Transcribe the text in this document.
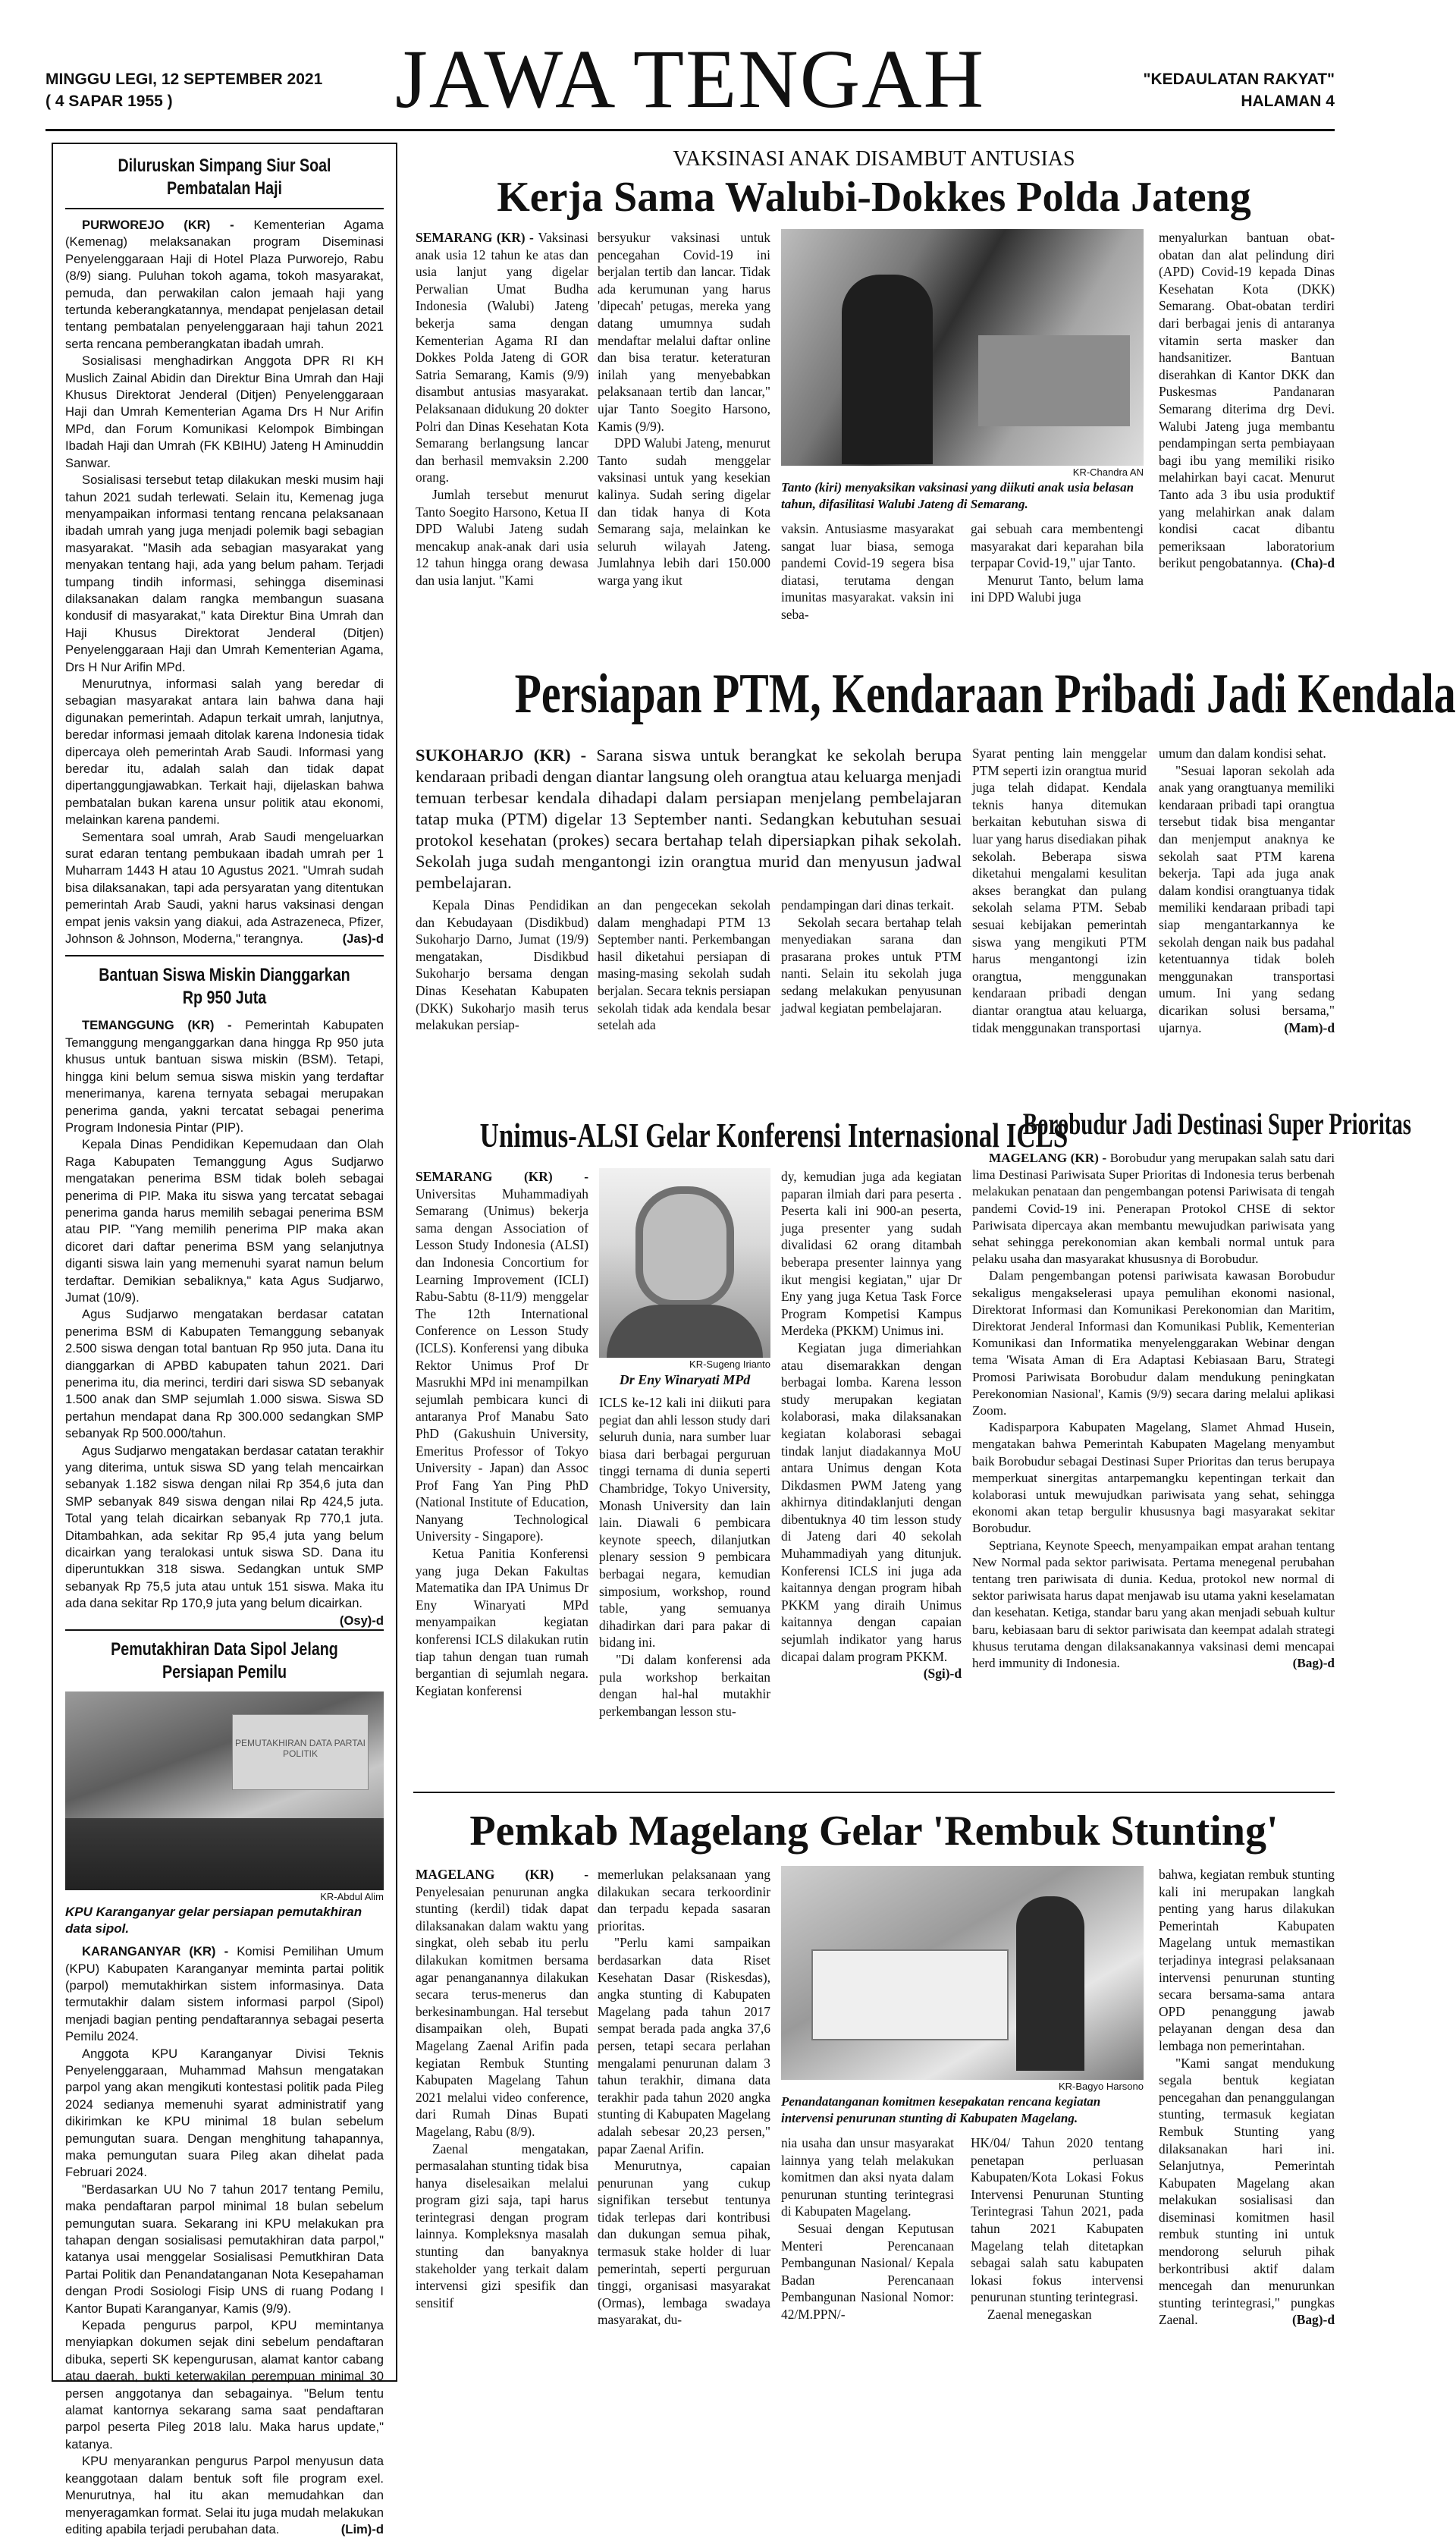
MINGGU LEGI, 12 SEPTEMBER 2021
( 4 SAPAR 1955 )	JAWA TENGAH	"KEDAULATAN RAKYAT"
HALAMAN 4
Diluruskan Simpang Siur Soal Pembatalan Haji

PURWOREJO (KR) - Kementerian Agama (Kemenag) melaksanakan program Diseminasi Penyelenggaraan Haji di Hotel Plaza Purworejo, Rabu (8/9) siang. Puluhan tokoh agama, tokoh masyarakat, pemuda, dan perwakilan calon jemaah haji yang tertunda keberangkatannya, mendapat penjelasan detail tentang pembatalan penyelenggaraan haji tahun 2021 serta rencana pemberangkatan ibadah umrah.

Sosialisasi menghadirkan Anggota DPR RI KH Muslich Zainal Abidin dan Direktur Bina Umrah dan Haji Khusus Direktorat Jenderal (Ditjen) Penyelenggaraan Haji dan Umrah Kementerian Agama Drs H Nur Arifin MPd, dan Forum Komunikasi Kelompok Bimbingan Ibadah Haji dan Umrah (FK KBIHU) Jateng H Aminuddin Sanwar.

Sosialisasi tersebut tetap dilakukan meski musim haji tahun 2021 sudah terlewati. Selain itu, Kemenag juga menyampaikan informasi tentang rencana pelaksanaan ibadah umrah yang juga menjadi polemik bagi sebagian masyarakat. "Masih ada sebagian masyarakat yang menyakan tentang haji, ada yang belum paham. Terjadi tumpang tindih informasi, sehingga diseminasi dilaksanakan dalam rangka membangun suasana kondusif di masyarakat," kata Direktur Bina Umrah dan Haji Khusus Direktorat Jenderal (Ditjen) Penyelenggaraan Haji dan Umrah Kementerian Agama, Drs H Nur Arifin MPd.

Menurutnya, informasi salah yang beredar di sebagian masyarakat antara lain bahwa dana haji digunakan pemerintah. Adapun terkait umrah, lanjutnya, beredar informasi jemaah ditolak karena Indonesia tidak dipercaya oleh pemerintah Arab Saudi. Informasi yang beredar itu, adalah salah dan tidak dapat dipertanggungjawabkan. Terkait haji, dijelaskan bahwa pembatalan bukan karena unsur politik atau ekonomi, melainkan karena pandemi.

Sementara soal umrah, Arab Saudi mengeluarkan surat edaran tentang pembukaan ibadah umrah per 1 Muharram 1443 H atau 10 Agustus 2021. "Umrah sudah bisa dilaksanakan, tapi ada persyaratan yang ditentukan pemerintah Arab Saudi, yakni harus vaksinasi dengan empat jenis vaksin yang diakui, ada Astrazeneca, Pfizer, Johnson & Johnson, Moderna," terangnya.	(Jas)-d

Bantuan Siswa Miskin Dianggarkan Rp 950 Juta

TEMANGGUNG (KR) - Pemerintah Kabupaten Temanggung menganggarkan dana hingga Rp 950 juta khusus untuk bantuan siswa miskin (BSM). Tetapi, hingga kini belum semua siswa miskin yang terdaftar menerimanya, karena ternyata sebagai merupakan penerima ganda, yakni tercatat sebagai penerima Program Indonesia Pintar (PIP).

Kepala Dinas Pendidikan Kepemudaan dan Olah Raga Kabupaten Temanggung Agus Sudjarwo mengatakan penerima BSM tidak boleh sebagai penerima di PIP. Maka itu siswa yang tercatat sebagai penerima ganda harus memilih sebagai penerima BSM atau PIP. "Yang memilih penerima PIP maka akan dicoret dari daftar penerima BSM yang selanjutnya diganti siswa lain yang memenuhi syarat namun belum terdaftar. Demikian sebaliknya," kata Agus Sudjarwo, Jumat (10/9).

Agus Sudjarwo mengatakan berdasar catatan penerima BSM di Kabupaten Temanggung sebanyak 2.500 siswa dengan total bantuan Rp 950 juta. Dana itu dianggarkan di APBD kabupaten tahun 2021. Dari penerima itu, dia merinci, terdiri dari siswa SD sebanyak 1.500 anak dan SMP sejumlah 1.000 siswa. Siswa SD pertahun mendapat dana Rp 300.000 sedangkan SMP sebanyak Rp 500.000/tahun.

Agus Sudjarwo mengatakan berdasar catatan terakhir yang diterima, untuk siswa SD yang telah mencairkan sebanyak 1.182 siswa dengan nilai Rp 354,6 juta dan SMP sebanyak 849 siswa dengan nilai Rp 424,5 juta. Total yang telah dicairkan sebanyak Rp 770,1 juta. Ditambahkan, ada sekitar Rp 95,4 juta yang belum dicairkan yang teralokasi untuk siswa SD. Dana itu diperuntukkan 318 siswa. Sedangkan untuk SMP sebanyak Rp 75,5 juta atau untuk 151 siswa. Maka itu ada dana sekitar Rp 170,9 juta yang belum dicairkan.
(Osy)-d

Pemutakhiran Data Sipol Jelang Persiapan Pemilu
PEMUTAKHIRAN DATA PARTAI POLITIK
KR-Abdul Alim
KPU Karanganyar gelar persiapan pemutakhiran data sipol.

KARANGANYAR (KR) - Komisi Pemilihan Umum (KPU) Kabupaten Karanganyar meminta partai politik (parpol) memutakhirkan sistem informasinya. Data termutakhir dalam sistem informasi parpol (Sipol) menjadi bagian penting pendaftarannya sebagai peserta Pemilu 2024.

Anggota KPU Karanganyar Divisi Teknis Penyelenggaraan, Muhammad Mahsun mengatakan parpol yang akan mengikuti kontestasi politik pada Pileg 2024 sedianya memenuhi syarat administratif yang dikirimkan ke KPU minimal 18 bulan sebelum pemungutan suara. Dengan menghitung tahapannya, maka pemungutan suara Pileg akan dihelat pada Februari 2024.

"Berdasarkan UU No 7 tahun 2017 tentang Pemilu, maka pendaftaran parpol minimal 18 bulan sebelum pemungutan suara. Sekarang ini KPU melakukan pra tahapan dengan sosialisasi pemutakhiran data parpol," katanya usai menggelar Sosialisasi Pemutkhiran Data Partai Politik dan Penandatanganan Nota Kesepahaman dengan Prodi Sosiologi Fisip UNS di ruang Podang I Kantor Bupati Karanganyar, Kamis (9/9).

Kepada pengurus parpol, KPU memintanya menyiapkan dokumen sejak dini sebelum pendaftaran dibuka, seperti SK kepengurusan, alamat kantor cabang atau daerah, bukti keterwakilan perempuan minimal 30 persen anggotanya dan sebagainya. "Belum tentu alamat kantornya sekarang sama saat pendaftaran parpol peserta Pileg 2018 lalu. Maka harus update," katanya.

KPU menyarankan pengurus Parpol menyusun data keanggotaan dalam bentuk soft file program exel. Menurutnya, hal itu akan memudahkan dan menyeragamkan format. Selai itu juga mudah melakukan editing apabila terjadi perubahan data.	(Lim)-d

VAKSINASI ANAK DISAMBUT ANTUSIAS
Kerja Sama Walubi-Dokkes Polda Jateng

SEMARANG (KR) - Vaksinasi anak usia 12 tahun ke atas dan usia lanjut yang digelar Perwalian Umat Budha Indonesia (Walubi) Jateng bekerja sama dengan Kementerian Agama RI dan Dokkes Polda Jateng di GOR Satria Semarang, Kamis (9/9) disambut antusias masyarakat. Pelaksanaan didukung 20 dokter Polri dan Dinas Kesehatan Kota Semarang berlangsung lancar dan berhasil memvaksin 2.200 orang.

Jumlah tersebut menurut Tanto Soegito Harsono, Ketua II DPD Walubi Jateng sudah mencakup anak-anak dari usia 12 tahun hingga orang dewasa dan usia lanjut. "Kami

bersyukur vaksinasi untuk pencegahan Covid-19 ini berjalan tertib dan lancar. Tidak ada kerumunan yang harus 'dipecah' petugas, mereka yang datang umumnya sudah mendaftar melalui daftar online dan bisa teratur. keteraturan inilah yang menyebabkan pelaksanaan tertib dan lancar," ujar Tanto Soegito Harsono, Kamis (9/9).

DPD Walubi Jateng, menurut Tanto sudah menggelar vaksinasi untuk yang kesekian kalinya. Sudah sering digelar dan tidak hanya di Kota Semarang saja, melainkan ke seluruh wilayah Jateng. Jumlahnya lebih dari 150.000 warga yang ikut

KR-Chandra AN
Tanto (kiri) menyaksikan vaksinasi yang diikuti anak usia belasan tahun, difasilitasi Walubi Jateng di Semarang.

vaksin. Antusiasme masyarakat sangat luar biasa, semoga pandemi Covid-19 segera bisa diatasi, terutama dengan imunitas masyarakat. vaksin ini seba-

gai sebuah cara membentengi masyarakat dari keparahan bila terpapar Covid-19," ujar Tanto.

Menurut Tanto, belum lama ini DPD Walubi juga

menyalurkan bantuan obat-obatan dan alat pelindung diri (APD) Covid-19 kepada Dinas Kesehatan Kota (DKK) Semarang. Obat-obatan terdiri dari berbagai jenis di antaranya vitamin serta masker dan handsanitizer. Bantuan diserahkan di Kantor DKK dan Puskesmas Pandanaran Semarang diterima drg Devi. Walubi Jateng juga membantu pendampingan serta pembiayaan bagi ibu yang memiliki risiko melahirkan bayi cacat. Menurut Tanto ada 3 ibu usia produktif yang melahirkan anak dalam kondisi cacat dibantu pemeriksaan laboratorium berikut pengobatannya. (Cha)-d

Persiapan PTM, Kendaraan Pribadi Jadi Kendala

SUKOHARJO (KR) - Sarana siswa untuk berangkat ke sekolah berupa kendaraan pribadi dengan diantar langsung oleh orangtua atau keluarga menjadi temuan terbesar kendala dihadapi dalam persiapan menjelang pembelajaran tatap muka (PTM) digelar 13 September nanti. Sedangkan kebutuhan sesuai protokol kesehatan (prokes) secara bertahap telah dipersiapkan pihak sekolah. Sekolah juga sudah mengantongi izin orangtua murid dan menyusun jadwal pembelajaran.

Kepala Dinas Pendidikan dan Kebudayaan (Disdikbud) Sukoharjo Darno, Jumat (19/9) mengatakan, Disdikbud Sukoharjo bersama dengan Dinas Kesehatan Kabupaten (DKK) Sukoharjo masih terus melakukan persiap-

an dan pengecekan sekolah dalam menghadapi PTM 13 September nanti. Perkembangan hasil diketahui persiapan di masing-masing sekolah sudah berjalan. Secara teknis persiapan sekolah tidak ada kendala besar setelah ada

pendampingan dari dinas terkait.

Sekolah secara bertahap telah menyediakan sarana dan prasarana prokes untuk PTM nanti. Selain itu sekolah juga sedang melakukan penyusunan jadwal kegiatan pembelajaran.

Syarat penting lain menggelar PTM seperti izin orangtua murid juga telah didapat. Kendala teknis hanya ditemukan berkaitan kebutuhan siswa di luar yang harus disediakan pihak sekolah. Beberapa siswa diketahui mengalami kesulitan akses berangkat dan pulang sekolah selama PTM. Sebab sesuai kebijakan pemerintah siswa yang mengikuti PTM harus mengantongi izin orangtua, menggunakan kendaraan pribadi dengan diantar orangtua atau keluarga, tidak menggunakan transportasi

umum dan dalam kondisi sehat.

"Sesuai laporan sekolah ada anak yang orangtuanya memiliki kendaraan pribadi tapi orangtua tersebut tidak bisa mengantar dan menjemput anaknya ke sekolah saat PTM karena bekerja. Tapi ada juga anak dalam kondisi orangtuanya tidak memiliki kendaraan pribadi tapi siap mengantarkannya ke sekolah dengan naik bus padahal ketentuannya tidak boleh menggunakan transportasi umum. Ini yang sedang dicarikan solusi bersama," ujarnya.	(Mam)-d

Unimus-ALSI Gelar Konferensi Internasional ICLS

SEMARANG (KR) - Universitas Muhammadiyah Semarang (Unimus) bekerja sama dengan Association of Lesson Study Indonesia (ALSI) dan Indonesia Concortium for Learning Improvement (ICLI) Rabu-Sabtu (8-11/9) menggelar The 12th International Conference on Lesson Study (ICLS). Konferensi yang dibuka Rektor Unimus Prof Dr Masrukhi MPd ini menampilkan sejumlah pembicara kunci di antaranya Prof Manabu Sato PhD (Gakushuin University, Emeritus Professor of Tokyo University - Japan) dan Assoc Prof Fang Yan Ping PhD (National Institute of Education, Nanyang Technological University - Singapore).

Ketua Panitia Konferensi yang juga Dekan Fakultas Matematika dan IPA Unimus Dr Eny Winaryati MPd menyampaikan kegiatan konferensi ICLS dilakukan rutin tiap tahun dengan tuan rumah bergantian di sejumlah negara. Kegiatan konferensi

KR-Sugeng Irianto
Dr Eny Winaryati MPd

ICLS ke-12 kali ini diikuti para pegiat dan ahli lesson study dari seluruh dunia, nara sumber luar biasa dari berbagai perguruan tinggi ternama di dunia seperti Chambridge, Tokyo University, Monash University dan lain lain. Diawali 6 pembicara keynote speech, dilanjutkan plenary session 9 pembicara berbagai negara, kemudian simposium, workshop, round table, yang semuanya dihadirkan dari para pakar di bidang ini.

"Di dalam konferensi ada pula workshop berkaitan dengan hal-hal mutakhir perkembangan lesson stu-

dy, kemudian juga ada kegiatan paparan ilmiah dari para peserta . Peserta kali ini 900-an peserta, juga presenter yang sudah divalidasi 62 orang ditambah beberapa presenter lainnya yang ikut mengisi kegiatan," ujar Dr Eny yang juga Ketua Task Force Program Kompetisi Kampus Merdeka (PKKM) Unimus ini.

Kegiatan juga dimeriahkan atau disemarakkan dengan berbagai lomba. Karena lesson study merupakan kegiatan kolaborasi, maka dilaksanakan kegiatan kolaborasi sebagai tindak lanjut diadakannya MoU antara Unimus dengan Kota Dikdasmen PWM Jateng yang akhirnya ditindaklanjuti dengan dibentuknya 40 tim lesson study di Jateng dari 40 sekolah Muhammadiyah yang ditunjuk. Konferensi ICLS ini juga ada kaitannya dengan program hibah PKKM yang diraih Unimus kaitannya dengan capaian sejumlah indikator yang harus dicapai dalam program PKKM.
(Sgi)-d

Borobudur Jadi Destinasi Super Prioritas

MAGELANG (KR) - Borobudur yang merupakan salah satu dari lima Destinasi Pariwisata Super Prioritas di Indonesia terus berbenah melakukan penataan dan pengembangan potensi Pariwisata di tengah pandemi Covid-19 ini. Penerapan Protokol CHSE di sektor Pariwisata dipercaya akan membantu mewujudkan pariwisata yang sehat sehingga perekonomian akan kembali normal untuk para pelaku usaha dan masyarakat khususnya di Borobudur.

Dalam pengembangan potensi pariwisata kawasan Borobudur sekaligus mengakselerasi upaya pemulihan ekonomi nasional, Direktorat Informasi dan Komunikasi Perekonomian dan Maritim, Direktorat Jenderal Informasi dan Komunikasi Publik, Kementerian Komunikasi dan Informatika menyelenggarakan Webinar dengan tema 'Wisata Aman di Era Adaptasi Kebiasaan Baru, Strategi Promosi Pariwisata Borobudur dalam mendukung peningkatan Perekonomian Nasional', Kamis (9/9) secara daring melalui aplikasi Zoom.

Kadisparpora Kabupaten Magelang, Slamet Ahmad Husein, mengatakan bahwa Pemerintah Kabupaten Magelang menyambut baik Borobudur sebagai Destinasi Super Prioritas dan terus berupaya memperkuat sinergitas antarpemangku kepentingan terkait dan kolaborasi untuk mewujudkan pariwisata yang sehat, sehingga ekonomi akan tetap bergulir khususnya bagi masyarakat sekitar Borobudur.

Septriana, Keynote Speech, menyampaikan empat arahan tentang New Normal pada sektor pariwisata. Pertama menegenal perubahan tentang tren pariwisata di dunia. Kedua, protokol new normal di sektor pariwisata harus dapat menjawab isu utama yakni keselamatan dan kesehatan. Ketiga, standar baru yang akan menjadi sebuah kultur baru, kebiasaan baru di sektor pariwisata dan keempat adalah strategi khusus terutama dengan dilaksanakannya vaksinasi demi mencapai herd immunity di Indonesia.	(Bag)-d

Pemkab Magelang Gelar 'Rembuk Stunting'

MAGELANG (KR) - Penyelesaian penurunan angka stunting (kerdil) tidak dapat dilaksanakan dalam waktu yang singkat, oleh sebab itu perlu dilakukan komitmen bersama agar penanganannya dilakukan secara terus-menerus dan berkesinambungan. Hal tersebut disampaikan oleh, Bupati Magelang Zaenal Arifin pada kegiatan Rembuk Stunting Kabupaten Magelang Tahun 2021 melalui video conference, dari Rumah Dinas Bupati Magelang, Rabu (8/9).

Zaenal mengatakan, permasalahan stunting tidak bisa hanya diselesaikan melalui program gizi saja, tapi harus terintegrasi dengan program lainnya. Kompleksnya masalah stunting dan banyaknya stakeholder yang terkait dalam intervensi gizi spesifik dan sensitif

memerlukan pelaksanaan yang dilakukan secara terkoordinir dan terpadu kepada sasaran prioritas.

"Perlu kami sampaikan berdasarkan data Riset Kesehatan Dasar (Riskesdas), angka stunting di Kabupaten Magelang pada tahun 2017 sempat berada pada angka 37,6 persen, tetapi secara perlahan mengalami penurunan dalam 3 tahun terakhir, dimana data terakhir pada tahun 2020 angka stunting di Kabupaten Magelang adalah sebesar 20,23 persen," papar Zaenal Arifin.

Menurutnya, capaian penurunan yang cukup signifikan tersebut tentunya tidak terlepas dari kontribusi dan dukungan semua pihak, termasuk stake holder di luar pemerintah, seperti perguruan tinggi, organisasi masyarakat (Ormas), lembaga swadaya masyarakat, du-

KR-Bagyo Harsono
Penandatanganan komitmen kesepakatan rencana kegiatan intervensi penurunan stunting di Kabupaten Magelang.

nia usaha dan unsur masyarakat lainnya yang telah melakukan komitmen dan aksi nyata dalam penurunan stunting terintegrasi di Kabupaten Magelang.

Sesuai dengan Keputusan Menteri Perencanaan Pembangunan Nasional/ Kepala Badan Perencanaan Pembangunan Nasional Nomor: 42/M.PPN/-

HK/04/ Tahun 2020 tentang penetapan perluasan Kabupaten/Kota Lokasi Fokus Intervensi Penurunan Stunting Terintegrasi Tahun 2021, pada tahun 2021 Kabupaten Magelang telah ditetapkan sebagai salah satu kabupaten lokasi fokus intervensi penurunan stunting terintegrasi.

Zaenal menegaskan

bahwa, kegiatan rembuk stunting kali ini merupakan langkah penting yang harus dilakukan Pemerintah Kabupaten Magelang untuk memastikan terjadinya integrasi pelaksanaan intervensi penurunan stunting secara bersama-sama antara OPD penanggung jawab pelayanan dengan desa dan lembaga non pemerintahan.

"Kami sangat mendukung segala bentuk kegiatan pencegahan dan penanggulangan stunting, termasuk kegiatan Rembuk Stunting yang dilaksanakan hari ini. Selanjutnya, Pemerintah Kabupaten Magelang akan melakukan sosialisasi dan diseminasi komitmen hasil rembuk stunting ini untuk mendorong seluruh pihak berkontribusi aktif dalam mencegah dan menurunkan stunting terintegrasi," pungkas Zaenal.	(Bag)-d
